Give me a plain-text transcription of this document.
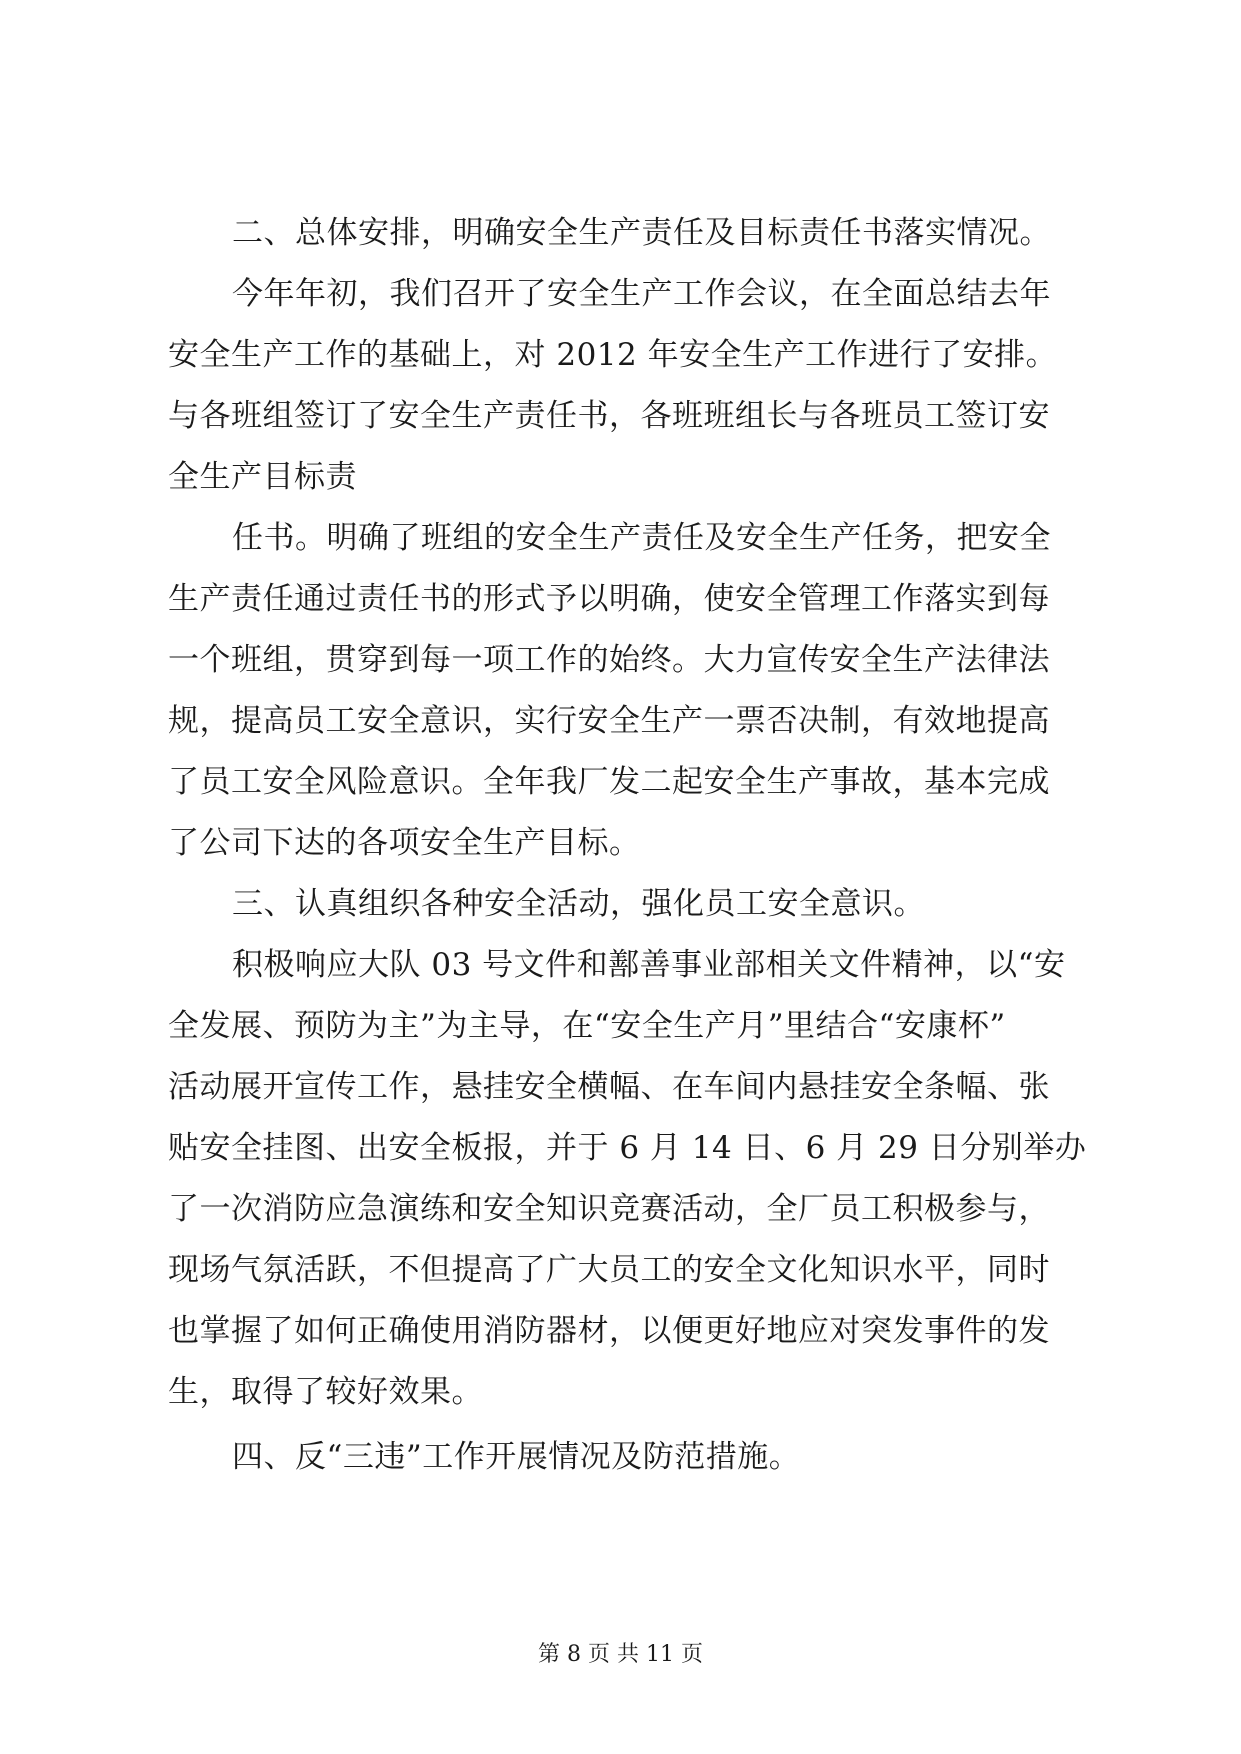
二、总体安排，明确安全生产责任及目标责任书落实情况。
今年年初，我们召开了安全生产工作会议，在全面总结去年
安全生产工作的基础上，对 2012 年安全生产工作进行了安排。
与各班组签订了安全生产责任书，各班班组长与各班员工签订安
全生产目标责
任书。明确了班组的安全生产责任及安全生产任务，把安全
生产责任通过责任书的形式予以明确，使安全管理工作落实到每
一个班组，贯穿到每一项工作的始终。大力宣传安全生产法律法
规，提高员工安全意识，实行安全生产一票否决制，有效地提高
了员工安全风险意识。全年我厂发二起安全生产事故，基本完成
了公司下达的各项安全生产目标。
三、认真组织各种安全活动，强化员工安全意识。
积极响应大队 03 号文件和鄯善事业部相关文件精神，以“安
全发展、预防为主”为主导，在“安全生产月”里结合“安康杯”
活动展开宣传工作，悬挂安全横幅、在车间内悬挂安全条幅、张
贴安全挂图、出安全板报，并于 6 月 14 日、6 月 29 日分别举办
了一次消防应急演练和安全知识竞赛活动，全厂员工积极参与，
现场气氛活跃，不但提高了广大员工的安全文化知识水平，同时
也掌握了如何正确使用消防器材，以便更好地应对突发事件的发
生，取得了较好效果。
四、反“三违”工作开展情况及防范措施。
第 8 页 共 11 页
